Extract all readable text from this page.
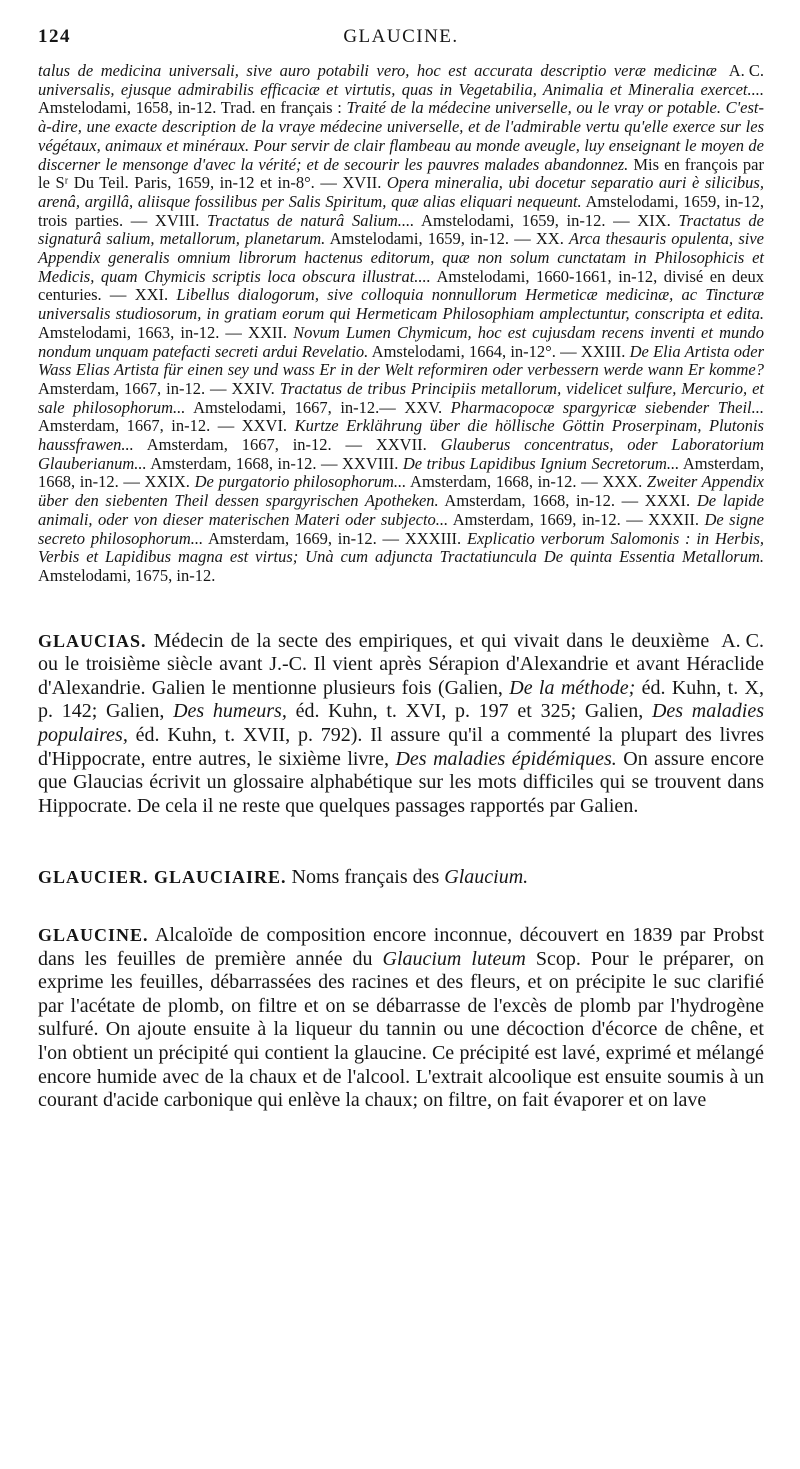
124	GLAUCINE.

A. C.
talus de medicina universali, sive auro potabili vero, hoc est accurata descriptio veræ medicinæ universalis, ejusque admirabilis efficaciæ et virtutis, quas in Vegetabilia, Animalia et Mineralia exercet.... Amstelodami, 1658, in-12. Trad. en français : Traité de la médecine universelle, ou le vray or potable. C'est-à-dire, une exacte description de la vraye médecine universelle, et de l'admirable vertu qu'elle exerce sur les végétaux, animaux et minéraux. Pour servir de clair flambeau au monde aveugle, luy enseignant le moyen de discerner le mensonge d'avec la vérité; et de secourir les pauvres malades abandonnez. Mis en françois par le Sʳ Du Teil. Paris, 1659, in-12 et in-8°. — XVII. Opera mineralia, ubi docetur separatio auri è silicibus, arenâ, argillâ, aliisque fossilibus per Salis Spiritum, quæ alias eliquari nequeunt. Amstelodami, 1659, in-12, trois parties. — XVIII. Tractatus de naturâ Salium.... Amstelodami, 1659, in-12. — XIX. Tractatus de signaturâ salium, metallorum, planetarum. Amstelodami, 1659, in-12. — XX. Arca thesauris opulenta, sive Appendix generalis omnium librorum hactenus editorum, quæ non solum cunctatam in Philosophicis et Medicis, quam Chymicis scriptis loca obscura illustrat.... Amstelodami, 1660-1661, in-12, divisé en deux centuries. — XXI. Libellus dialogorum, sive colloquia nonnullorum Hermeticæ medicinæ, ac Tincturæ universalis studiosorum, in gratiam eorum qui Hermeticam Philosophiam amplectuntur, conscripta et edita. Amstelodami, 1663, in-12. — XXII. Novum Lumen Chymicum, hoc est cujusdam recens inventi et mundo nondum unquam patefacti secreti ardui Revelatio. Amstelodami, 1664, in-12°. — XXIII. De Elia Artista oder Wass Elias Artista für einen sey und wass Er in der Welt reformiren oder verbessern werde wann Er komme? Amsterdam, 1667, in-12. — XXIV. Tractatus de tribus Principiis metallorum, videlicet sulfure, Mercurio, et sale philosophorum... Amstelodami, 1667, in-12.— XXV. Pharmacopocæ spargyricæ siebender Theil... Amsterdam, 1667, in-12. — XXVI. Kurtze Erklährung über die höllische Göttin Proserpinam, Plutonis haussfrawen... Amsterdam, 1667, in-12. — XXVII. Glauberus concentratus, oder Laboratorium Glauberianum... Amsterdam, 1668, in-12. — XXVIII. De tribus Lapidibus Ignium Secretorum... Amsterdam, 1668, in-12. — XXIX. De purgatorio philosophorum... Amsterdam, 1668, in-12. — XXX. Zweiter Appendix über den siebenten Theil dessen spargyrischen Apotheken. Amsterdam, 1668, in-12. — XXXI. De lapide animali, oder von dieser materischen Materi oder subjecto... Amsterdam, 1669, in-12. — XXXII. De signe secreto philosophorum... Amsterdam, 1669, in-12. — XXXIII. Explicatio verborum Salomonis : in Herbis, Verbis et Lapidibus magna est virtus; Unà cum adjuncta Tractatiuncula De quinta Essentia Metallorum. Amstelodami, 1675, in-12.

A. C.
GLAUCIAS. Médecin de la secte des empiriques, et qui vivait dans le deuxième ou le troisième siècle avant J.-C. Il vient après Sérapion d'Alexandrie et avant Héraclide d'Alexandrie. Galien le mentionne plusieurs fois (Galien, De la méthode; éd. Kuhn, t. X, p. 142; Galien, Des humeurs, éd. Kuhn, t. XVI, p. 197 et 325; Galien, Des maladies populaires, éd. Kuhn, t. XVII, p. 792). Il assure qu'il a commenté la plupart des livres d'Hippocrate, entre autres, le sixième livre, Des maladies épidémiques. On assure encore que Glaucias écrivit un glossaire alphabétique sur les mots difficiles qui se trouvent dans Hippocrate. De cela il ne reste que quelques passages rapportés par Galien.

GLAUCIER. GLAUCIAIRE. Noms français des Glaucium.

GLAUCINE. Alcaloïde de composition encore inconnue, découvert en 1839 par Probst dans les feuilles de première année du Glaucium luteum Scop. Pour le préparer, on exprime les feuilles, débarrassées des racines et des fleurs, et on précipite le suc clarifié par l'acétate de plomb, on filtre et on se débarrasse de l'excès de plomb par l'hydrogène sulfuré. On ajoute ensuite à la liqueur du tannin ou une décoction d'écorce de chêne, et l'on obtient un précipité qui contient la glaucine. Ce précipité est lavé, exprimé et mélangé encore humide avec de la chaux et de l'alcool. L'extrait alcoolique est ensuite soumis à un courant d'acide carbonique qui enlève la chaux; on filtre, on fait évaporer et on lave
